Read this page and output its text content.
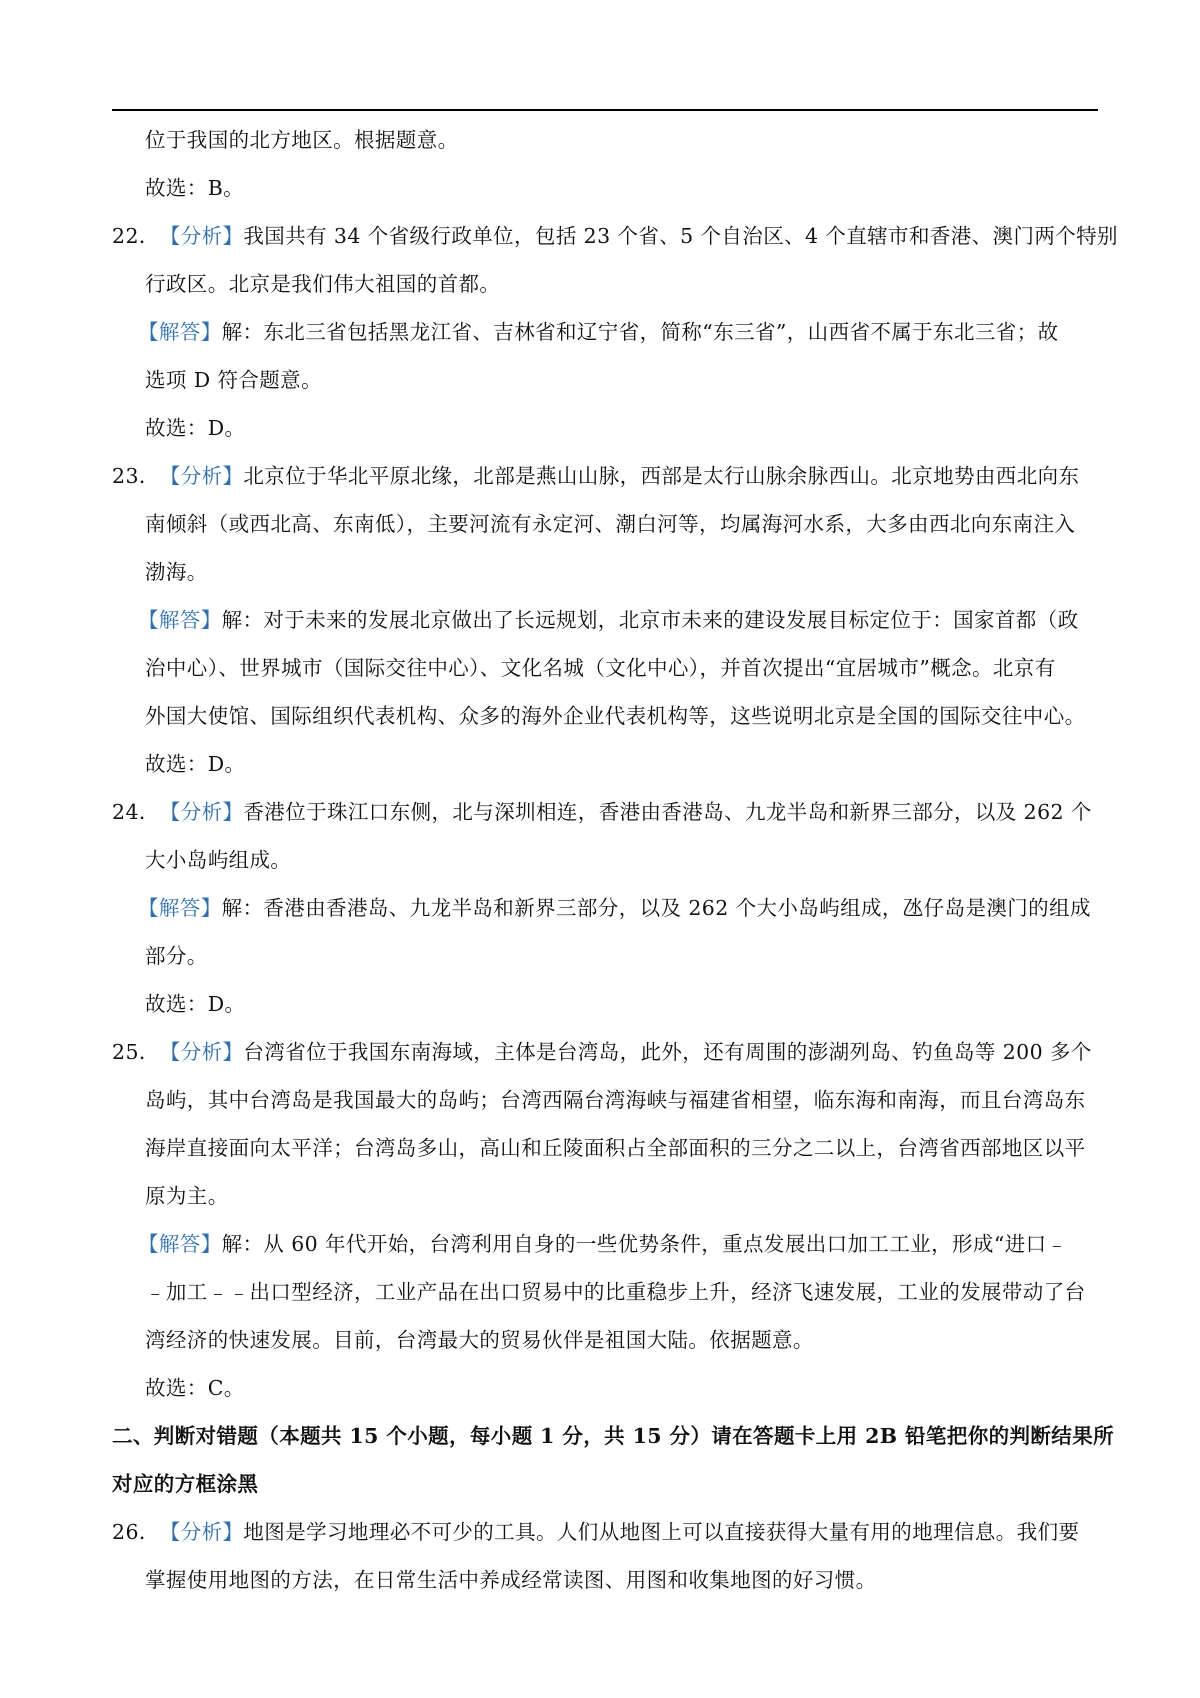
位于我国的北方地区。根据题意。
故选：B。
22．【分析】我国共有 34 个省级行政单位，包括 23 个省、5 个自治区、4 个直辖市和香港、澳门两个特别
行政区。北京是我们伟大祖国的首都。
【解答】解：东北三省包括黑龙江省、吉林省和辽宁省，简称“东三省”，山西省不属于东北三省；故
选项 D 符合题意。
故选：D。
23．【分析】北京位于华北平原北缘，北部是燕山山脉，西部是太行山脉余脉西山。北京地势由西北向东
南倾斜（或西北高、东南低），主要河流有永定河、潮白河等，均属海河水系，大多由西北向东南注入
渤海。
【解答】解：对于未来的发展北京做出了长远规划，北京市未来的建设发展目标定位于：国家首都（政
治中心）、世界城市（国际交往中心）、文化名城（文化中心），并首次提出“宜居城市”概念。北京有
外国大使馆、国际组织代表机构、众多的海外企业代表机构等，这些说明北京是全国的国际交往中心。
故选：D。
24．【分析】香港位于珠江口东侧，北与深圳相连，香港由香港岛、九龙半岛和新界三部分，以及 262 个
大小岛屿组成。
【解答】解：香港由香港岛、九龙半岛和新界三部分，以及 262 个大小岛屿组成，氹仔岛是澳门的组成
部分。
故选：D。
25．【分析】台湾省位于我国东南海域，主体是台湾岛，此外，还有周围的澎湖列岛、钓鱼岛等 200 多个
岛屿，其中台湾岛是我国最大的岛屿；台湾西隔台湾海峡与福建省相望，临东海和南海，而且台湾岛东
海岸直接面向太平洋；台湾岛多山，高山和丘陵面积占全部面积的三分之二以上，台湾省西部地区以平
原为主。
【解答】解：从 60 年代开始，台湾利用自身的一些优势条件，重点发展出口加工工业，形成“进口﹣
﹣加工﹣﹣出口型经济，工业产品在出口贸易中的比重稳步上升，经济飞速发展，工业的发展带动了台
湾经济的快速发展。目前，台湾最大的贸易伙伴是祖国大陆。依据题意。
故选：C。
二、判断对错题（本题共 15 个小题，每小题 1 分，共 15 分）请在答题卡上用 2B 铅笔把你的判断结果所
对应的方框涂黑
26．【分析】地图是学习地理必不可少的工具。人们从地图上可以直接获得大量有用的地理信息。我们要
掌握使用地图的方法，在日常生活中养成经常读图、用图和收集地图的好习惯。
